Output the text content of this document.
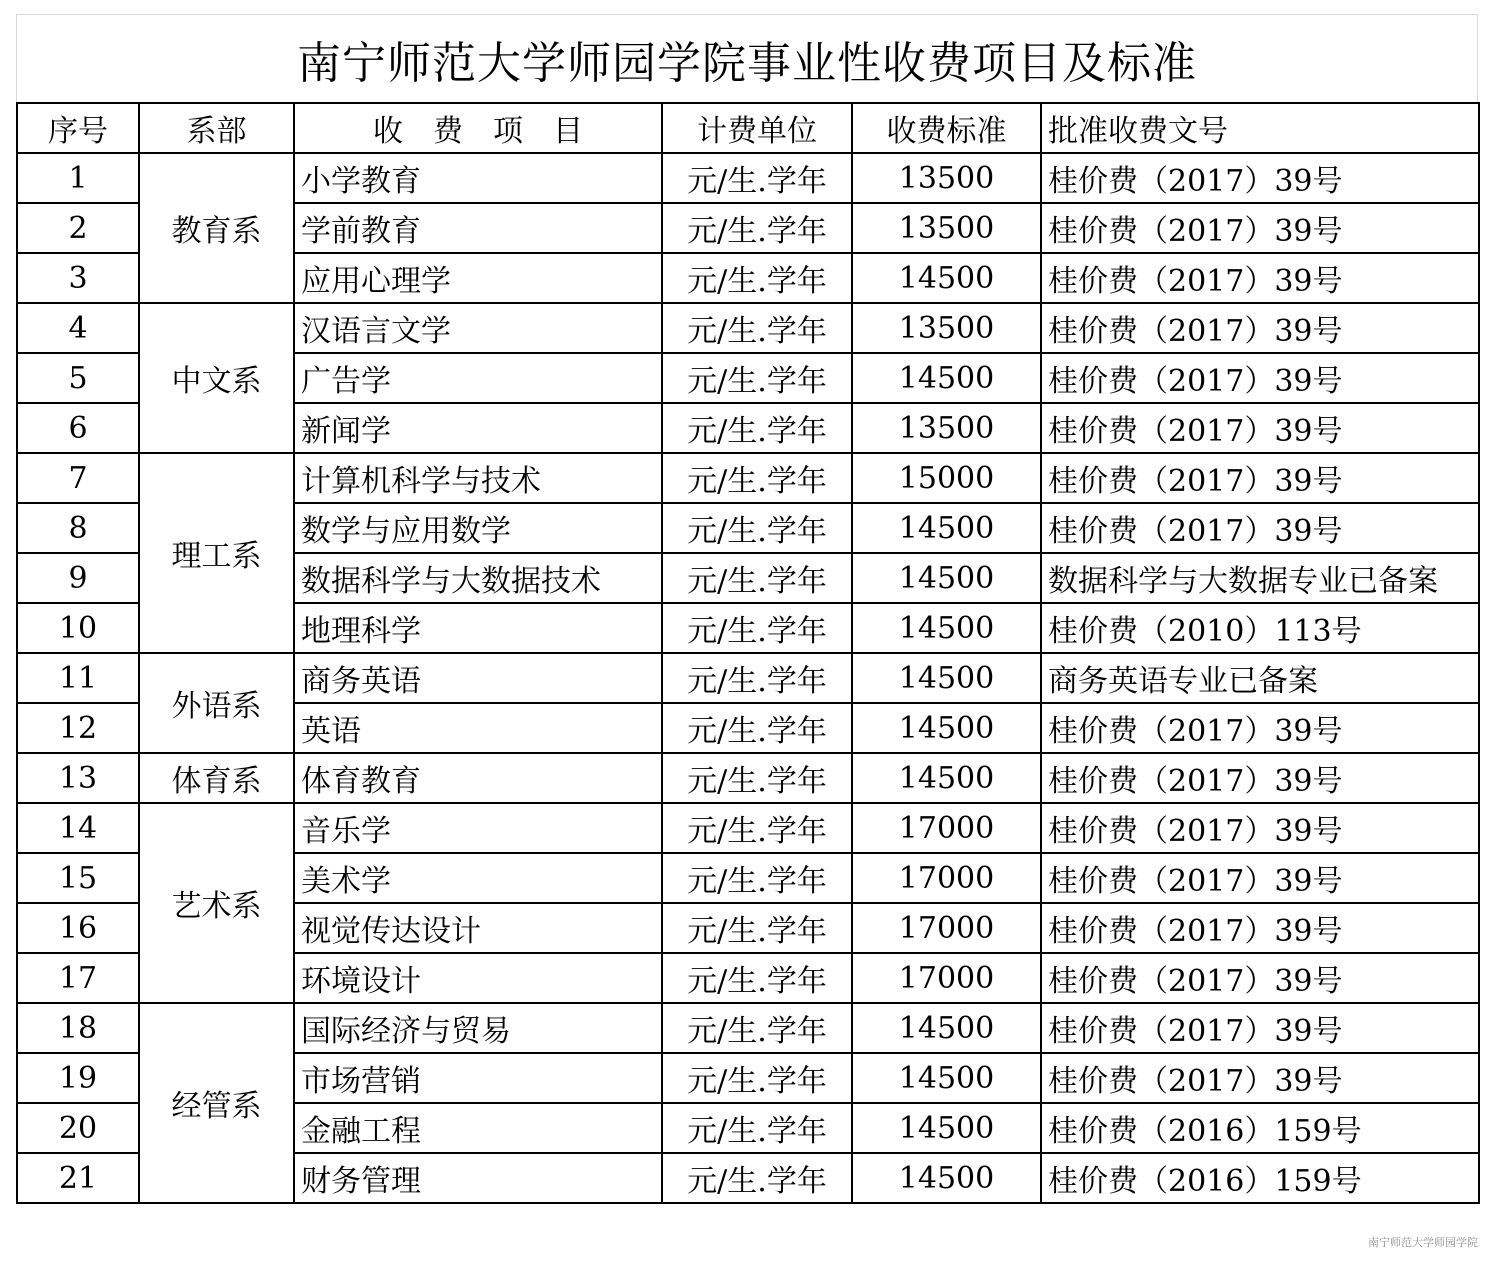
南宁师范大学师园学院事业性收费项目及标准
序号	系部	收　费　项　目	计费单位	收费标准	批准收费文号
1	教育系	小学教育	元/生.学年	13500	桂价费（2017）39号
2		学前教育	元/生.学年	13500	桂价费（2017）39号
3		应用心理学	元/生.学年	14500	桂价费（2017）39号
4	中文系	汉语言文学	元/生.学年	13500	桂价费（2017）39号
5		广告学	元/生.学年	14500	桂价费（2017）39号
6		新闻学	元/生.学年	13500	桂价费（2017）39号
7	理工系	计算机科学与技术	元/生.学年	15000	桂价费（2017）39号
8		数学与应用数学	元/生.学年	14500	桂价费（2017）39号
9		数据科学与大数据技术	元/生.学年	14500	数据科学与大数据专业已备案
10		地理科学	元/生.学年	14500	桂价费（2010）113号
11	外语系	商务英语	元/生.学年	14500	商务英语专业已备案
12		英语	元/生.学年	14500	桂价费（2017）39号
13	体育系	体育教育	元/生.学年	14500	桂价费（2017）39号
14	艺术系	音乐学	元/生.学年	17000	桂价费（2017）39号
15		美术学	元/生.学年	17000	桂价费（2017）39号
16		视觉传达设计	元/生.学年	17000	桂价费（2017）39号
17		环境设计	元/生.学年	17000	桂价费（2017）39号
18	经管系	国际经济与贸易	元/生.学年	14500	桂价费（2017）39号
19		市场营销	元/生.学年	14500	桂价费（2017）39号
20		金融工程	元/生.学年	14500	桂价费（2016）159号
21		财务管理	元/生.学年	14500	桂价费（2016）159号
南宁师范大学师园学院
